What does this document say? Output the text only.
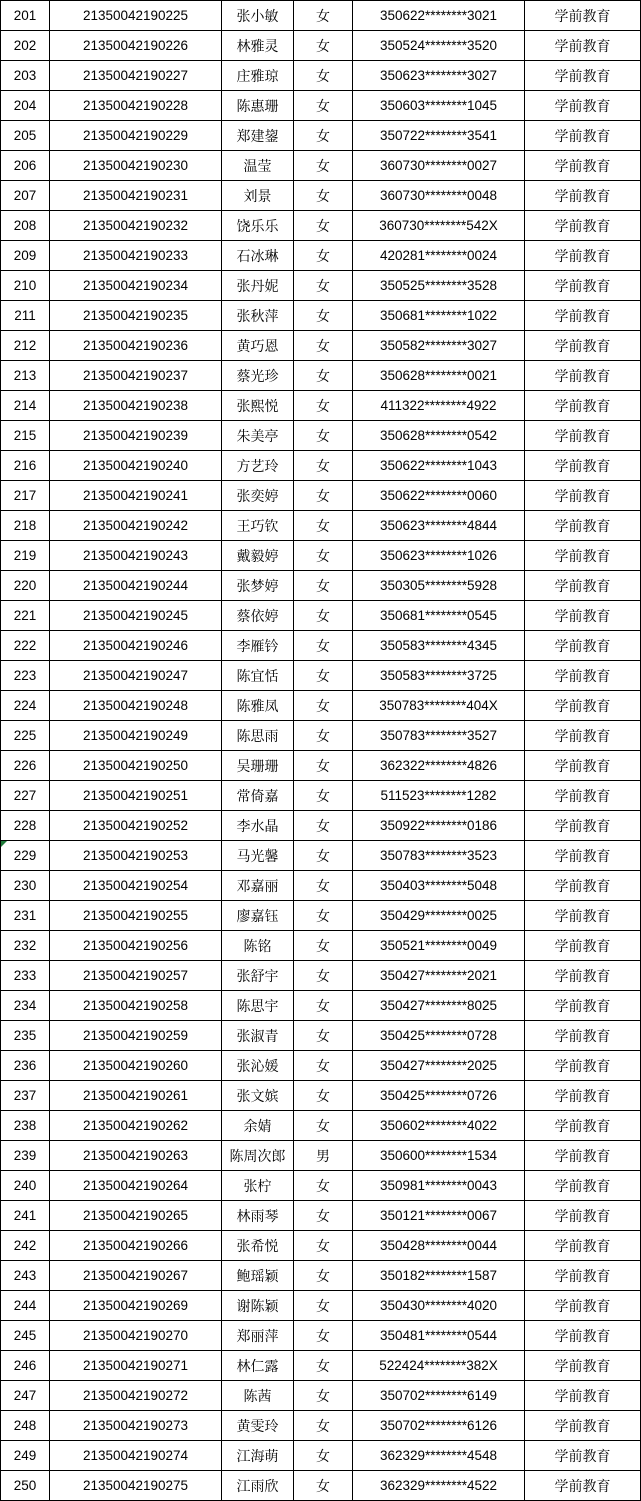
201	21350042190225	张小敏	女	350622********3021	学前教育
202	21350042190226	林雅灵	女	350524********3520	学前教育
203	21350042190227	庄雅琼	女	350623********3027	学前教育
204	21350042190228	陈惠珊	女	350603********1045	学前教育
205	21350042190229	郑建鋆	女	350722********3541	学前教育
206	21350042190230	温莹	女	360730********0027	学前教育
207	21350042190231	刘景	女	360730********0048	学前教育
208	21350042190232	饶乐乐	女	360730********542X	学前教育
209	21350042190233	石冰琳	女	420281********0024	学前教育
210	21350042190234	张丹妮	女	350525********3528	学前教育
211	21350042190235	张秋萍	女	350681********1022	学前教育
212	21350042190236	黄巧恩	女	350582********3027	学前教育
213	21350042190237	蔡光珍	女	350628********0021	学前教育
214	21350042190238	张熙悦	女	411322********4922	学前教育
215	21350042190239	朱美亭	女	350628********0542	学前教育
216	21350042190240	方艺玲	女	350622********1043	学前教育
217	21350042190241	张奕婷	女	350622********0060	学前教育
218	21350042190242	王巧钦	女	350623********4844	学前教育
219	21350042190243	戴毅婷	女	350623********1026	学前教育
220	21350042190244	张梦婷	女	350305********5928	学前教育
221	21350042190245	蔡依婷	女	350681********0545	学前教育
222	21350042190246	李雁钤	女	350583********4345	学前教育
223	21350042190247	陈宜恬	女	350583********3725	学前教育
224	21350042190248	陈雅凤	女	350783********404X	学前教育
225	21350042190249	陈思雨	女	350783********3527	学前教育
226	21350042190250	吴珊珊	女	362322********4826	学前教育
227	21350042190251	常倚嘉	女	511523********1282	学前教育
228	21350042190252	李水晶	女	350922********0186	学前教育
229	21350042190253	马光馨	女	350783********3523	学前教育
230	21350042190254	邓嘉丽	女	350403********5048	学前教育
231	21350042190255	廖嘉钰	女	350429********0025	学前教育
232	21350042190256	陈铭	女	350521********0049	学前教育
233	21350042190257	张舒宇	女	350427********2021	学前教育
234	21350042190258	陈思宇	女	350427********8025	学前教育
235	21350042190259	张淑青	女	350425********0728	学前教育
236	21350042190260	张沁媛	女	350427********2025	学前教育
237	21350042190261	张文嫔	女	350425********0726	学前教育
238	21350042190262	余婧	女	350602********4022	学前教育
239	21350042190263	陈周次郎	男	350600********1534	学前教育
240	21350042190264	张柠	女	350981********0043	学前教育
241	21350042190265	林雨琴	女	350121********0067	学前教育
242	21350042190266	张希悦	女	350428********0044	学前教育
243	21350042190267	鲍瑶颖	女	350182********1587	学前教育
244	21350042190269	谢陈颖	女	350430********4020	学前教育
245	21350042190270	郑丽萍	女	350481********0544	学前教育
246	21350042190271	林仁露	女	522424********382X	学前教育
247	21350042190272	陈茜	女	350702********6149	学前教育
248	21350042190273	黄雯玲	女	350702********6126	学前教育
249	21350042190274	江海萌	女	362329********4548	学前教育
250	21350042190275	江雨欣	女	362329********4522	学前教育
